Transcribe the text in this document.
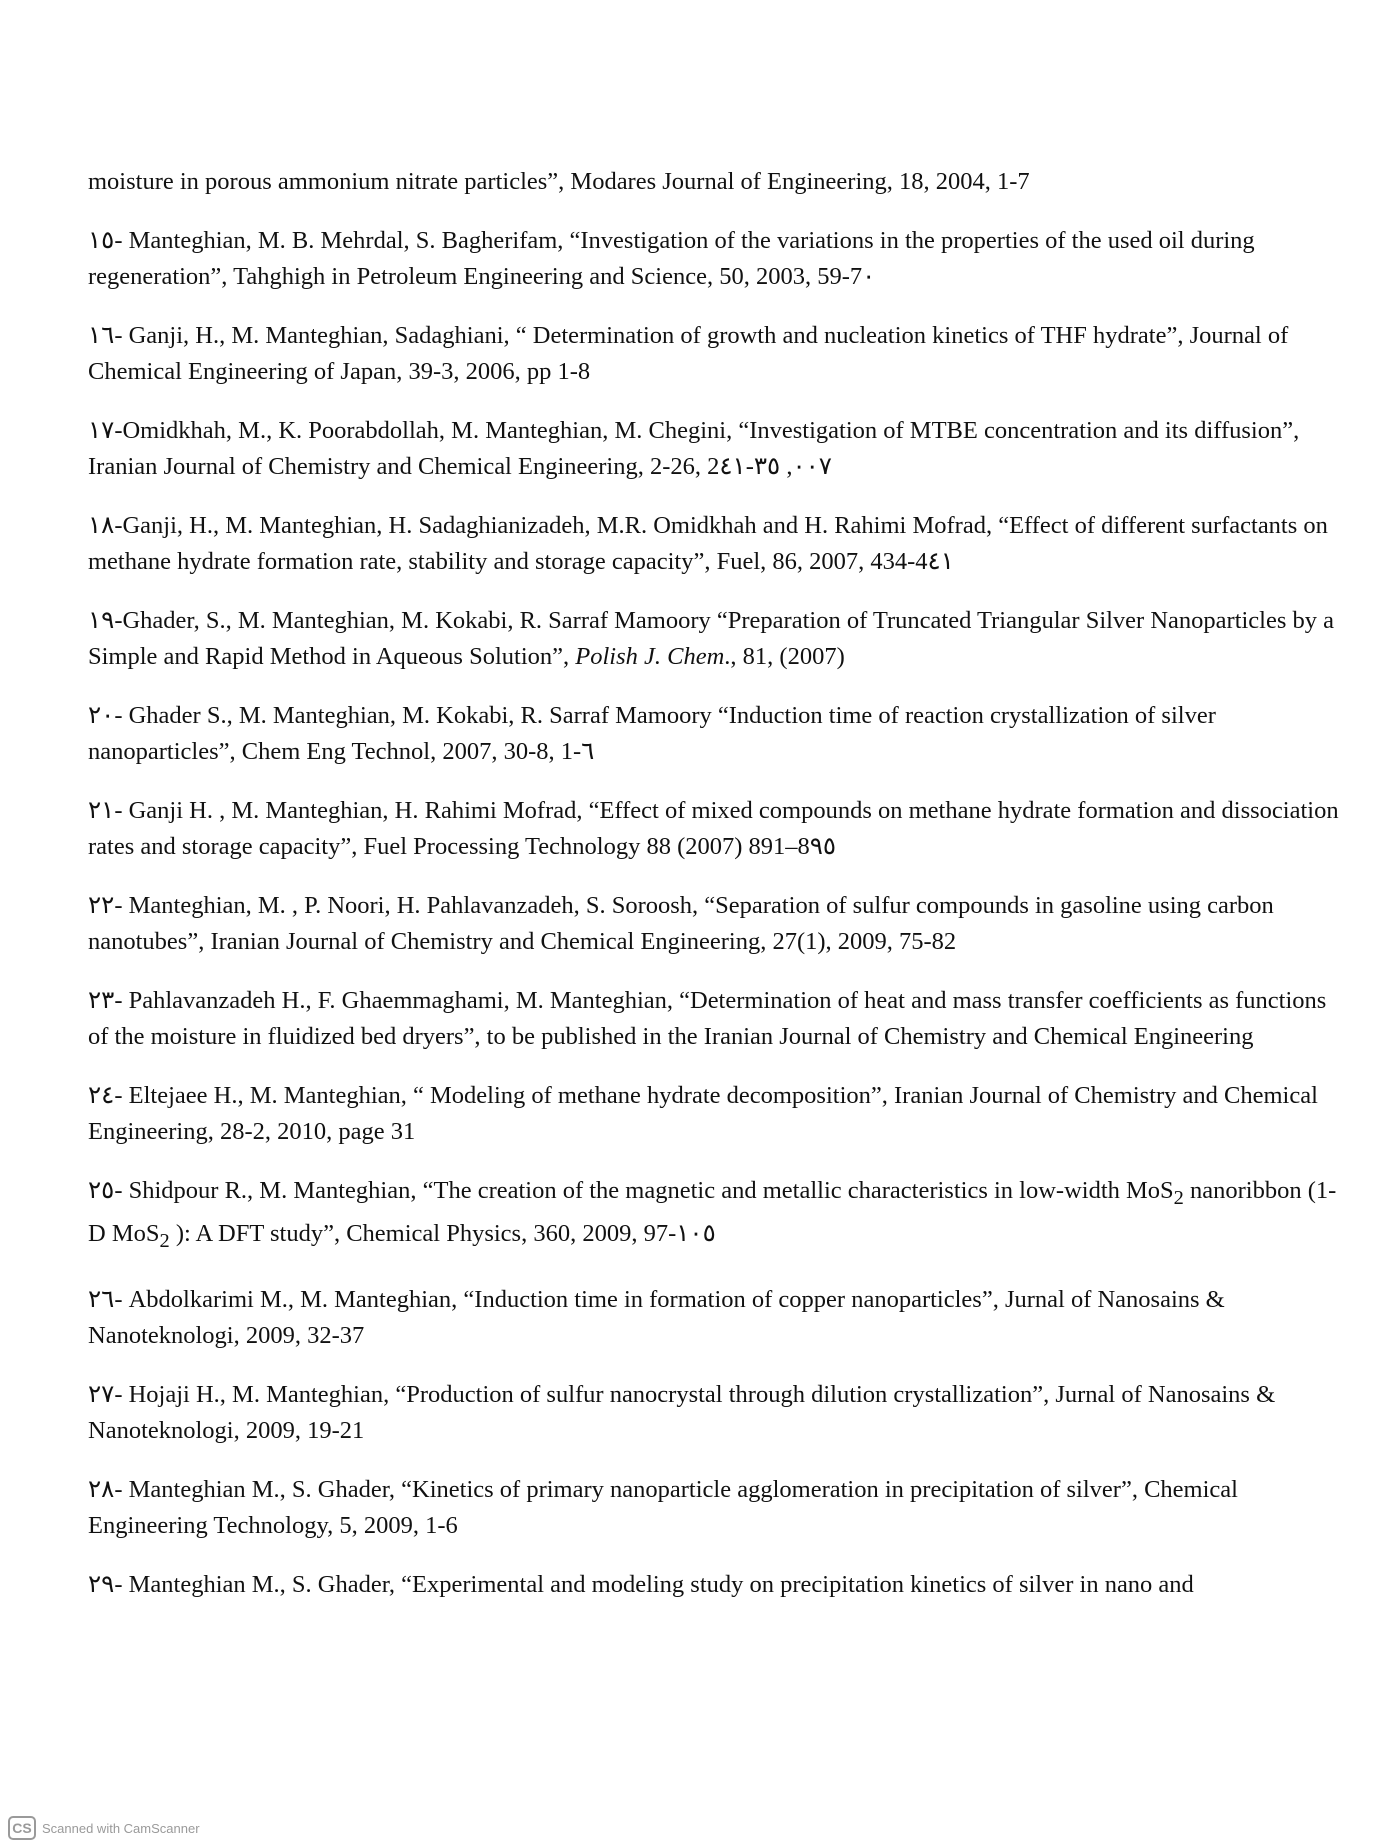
moisture in porous ammonium nitrate particles”, Modares Journal of Engineering, 18, 2004, 1-7

١٥- Manteghian, M. B. Mehrdal, S. Bagherifam, “Investigation of the variations in the properties of the used oil during regeneration”, Tahghigh in Petroleum Engineering and Science, 50, 2003, 59-7٠

١٦- Ganji, H., M. Manteghian, Sadaghiani, “ Determination of growth and nucleation kinetics of THF hydrate”, Journal of Chemical Engineering of Japan, 39-3, 2006, pp 1-8

١٧-Omidkhah, M., K. Poorabdollah, M. Manteghian, M. Chegini, “Investigation of MTBE concentration and its diffusion”, Iranian Journal of Chemistry and Chemical Engineering, 2-26, 2٠٠٧, ٣٥-٤١

١٨-Ganji, H., M. Manteghian, H. Sadaghianizadeh, M.R. Omidkhah and H. Rahimi Mofrad, “Effect of different surfactants on methane hydrate formation rate, stability and storage capacity”, Fuel, 86, 2007, 434-4٤١

١٩-Ghader, S., M. Manteghian, M. Kokabi, R. Sarraf Mamoory “Preparation of Truncated Triangular Silver Nanoparticles by a Simple and Rapid Method in Aqueous Solution”, Polish J. Chem., 81, (2007)

٢٠- Ghader S., M. Manteghian, M. Kokabi, R. Sarraf Mamoory “Induction time of reaction crystallization of silver nanoparticles”, Chem Eng Technol, 2007, 30-8, 1-٦

٢١- Ganji H. , M. Manteghian, H. Rahimi Mofrad, “Effect of mixed compounds on methane hydrate formation and dissociation rates and storage capacity”, Fuel Processing Technology 88 (2007) 891–8٩٥

٢٢- Manteghian, M. , P. Noori, H. Pahlavanzadeh, S. Soroosh, “Separation of sulfur compounds in gasoline using carbon nanotubes”, Iranian Journal of Chemistry and Chemical Engineering, 27(1), 2009, 75-82

٢٣- Pahlavanzadeh H., F. Ghaemmaghami, M. Manteghian, “Determination of heat and mass transfer coefficients as functions of the moisture in fluidized bed dryers”, to be published in the Iranian Journal of Chemistry and Chemical Engineering

٢٤- Eltejaee H., M. Manteghian, “ Modeling of methane hydrate decomposition”, Iranian Journal of Chemistry and Chemical Engineering, 28-2, 2010, page 31

٢٥- Shidpour R., M. Manteghian, “The creation of the magnetic and metallic characteristics in low-width MoS$_2$ nanoribbon (1-D MoS$_2$ ): A DFT study”, Chemical Physics, 360, 2009, 97-١٠٥

٢٦- Abdolkarimi M., M. Manteghian, “Induction time in formation of copper nanoparticles”, Jurnal of Nanosains & Nanoteknologi, 2009, 32-37

٢٧- Hojaji H., M. Manteghian, “Production of sulfur nanocrystal through dilution crystallization”, Jurnal of Nanosains & Nanoteknologi, 2009, 19-21

٢٨- Manteghian M., S. Ghader, “Kinetics of primary nanoparticle agglomeration in precipitation of silver”, Chemical Engineering Technology, 5, 2009, 1-6

٢٩- Manteghian M., S. Ghader, “Experimental and modeling study on precipitation kinetics of silver in nano and

CS Scanned with CamScanner
